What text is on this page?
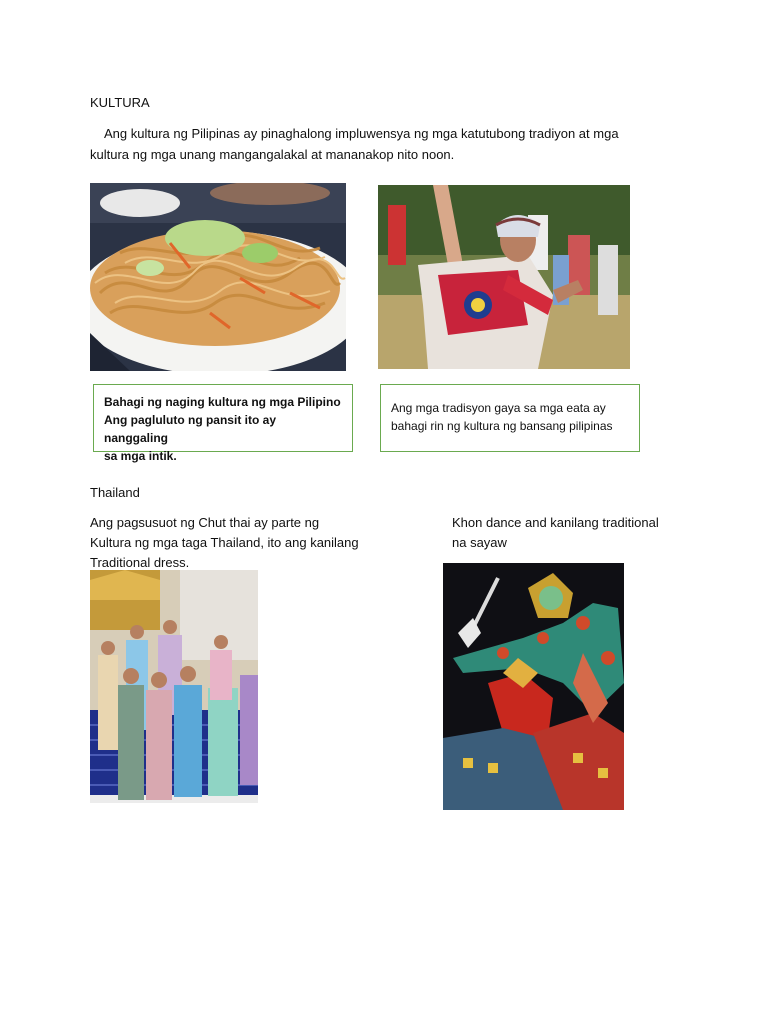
KULTURA
Ang kultura ng Pilipinas ay pinaghalong impluwensya ng mga katutubong tradiyon at mga
kultura ng mga unang mangangalakal at mananakop nito noon.
Bahagi ng naging kultura ng mga Pilipino
Ang pagluluto ng pansit ito ay nanggaling
sa mga intik.
Ang mga tradisyon gaya sa mga eata ay
bahagi rin ng kultura ng bansang pilipinas
Thailand
Ang pagsusuot ng Chut thai ay parte ng
Kultura ng mga taga Thailand, ito ang kanilang
Traditional dress.
Khon dance and kanilang traditional
na sayaw
